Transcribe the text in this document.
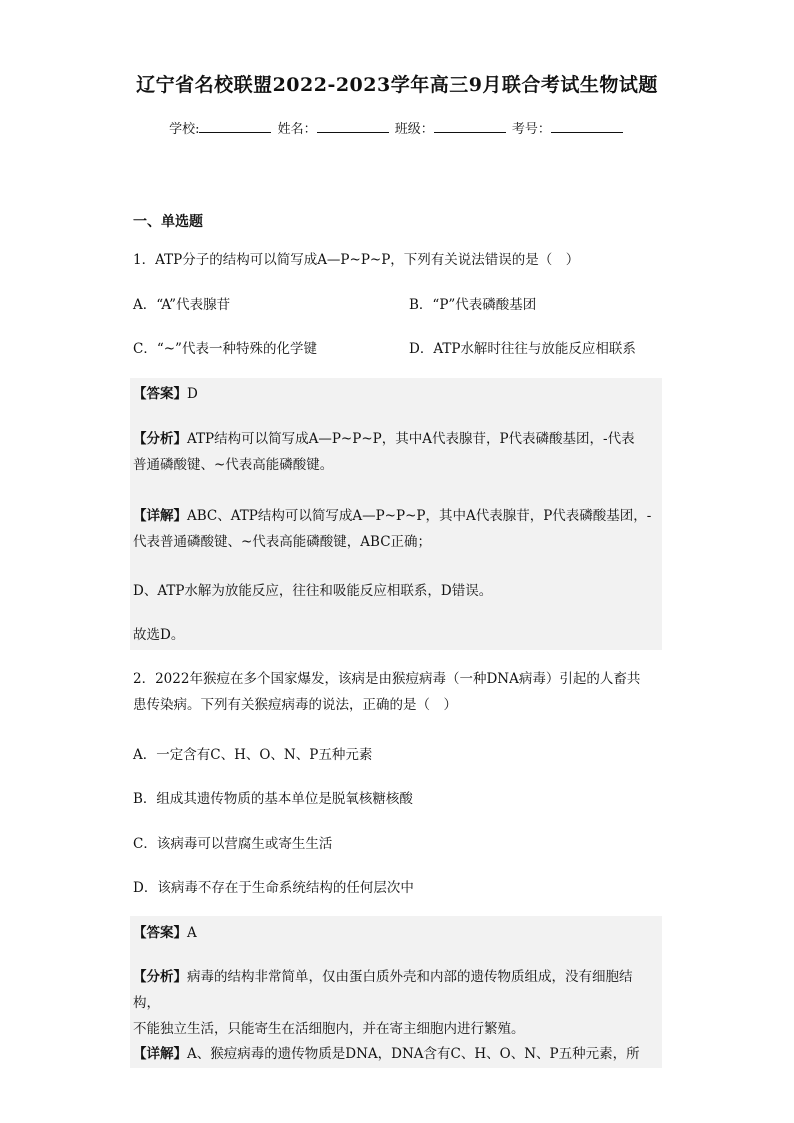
辽宁省名校联盟2022-2023学年高三9月联合考试生物试题
学校:	姓名：	班级：	考号：
一、单选题
1．ATP分子的结构可以简写成A—P~P~P，下列有关说法错误的是（　）
A．“A”代表腺苷	B．“P”代表磷酸基团
C．“~”代表一种特殊的化学键	D．ATP水解时往往与放能反应相联系
【答案】D
【分析】ATP结构可以简写成A—P~P~P，其中A代表腺苷，P代表磷酸基团，-代表
普通磷酸键、~代表高能磷酸键。
【详解】ABC、ATP结构可以简写成A—P~P~P，其中A代表腺苷，P代表磷酸基团，-
代表普通磷酸键、~代表高能磷酸键，ABC正确；
D、ATP水解为放能反应，往往和吸能反应相联系，D错误。
故选D。
2．2022年猴痘在多个国家爆发，该病是由猴痘病毒（一种DNA病毒）引起的人畜共
患传染病。下列有关猴痘病毒的说法，正确的是（　）
A．一定含有C、H、O、N、P五种元素
B．组成其遗传物质的基本单位是脱氧核糖核酸
C．该病毒可以营腐生或寄生生活
D．该病毒不存在于生命系统结构的任何层次中
【答案】A
【分析】病毒的结构非常简单，仅由蛋白质外壳和内部的遗传物质组成，没有细胞结构，
不能独立生活，只能寄生在活细胞内，并在寄主细胞内进行繁殖。
【详解】A、猴痘病毒的遗传物质是DNA，DNA含有C、H、O、N、P五种元素，所
